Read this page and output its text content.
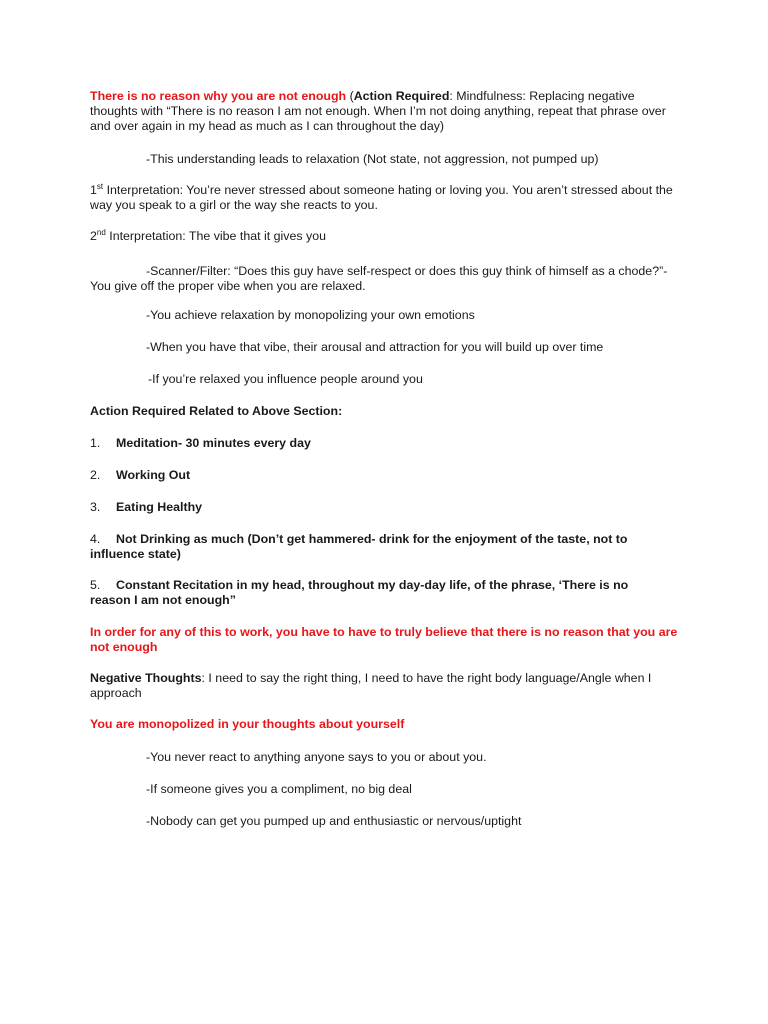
There is no reason why you are not enough (Action Required: Mindfulness: Replacing negative thoughts with “There is no reason I am not enough. When I’m not doing anything, repeat that phrase over and over again in my head as much as I can throughout the day)

-This understanding leads to relaxation (Not state, not aggression, not pumped up)

1st Interpretation: You’re never stressed about someone hating or loving you. You aren’t stressed about the way you speak to a girl or the way she reacts to you.

2nd Interpretation: The vibe that it gives you

-Scanner/Filter: “Does this guy have self-respect or does this guy think of himself as a chode?”- You give off the proper vibe when you are relaxed.

-You achieve relaxation by monopolizing your own emotions

-When you have that vibe, their arousal and attraction for you will build up over time

-If you’re relaxed you influence people around you

Action Required Related to Above Section:

1. Meditation- 30 minutes every day

2. Working Out

3. Eating Healthy

4. Not Drinking as much (Don’t get hammered- drink for the enjoyment of the taste, not to influence state)

5. Constant Recitation in my head, throughout my day-day life, of the phrase, ‘There is no reason I am not enough”

In order for any of this to work, you have to have to truly believe that there is no reason that you are not enough

Negative Thoughts: I need to say the right thing, I need to have the right body language/Angle when I approach

You are monopolized in your thoughts about yourself

-You never react to anything anyone says to you or about you.

-If someone gives you a compliment, no big deal

-Nobody can get you pumped up and enthusiastic or nervous/uptight
